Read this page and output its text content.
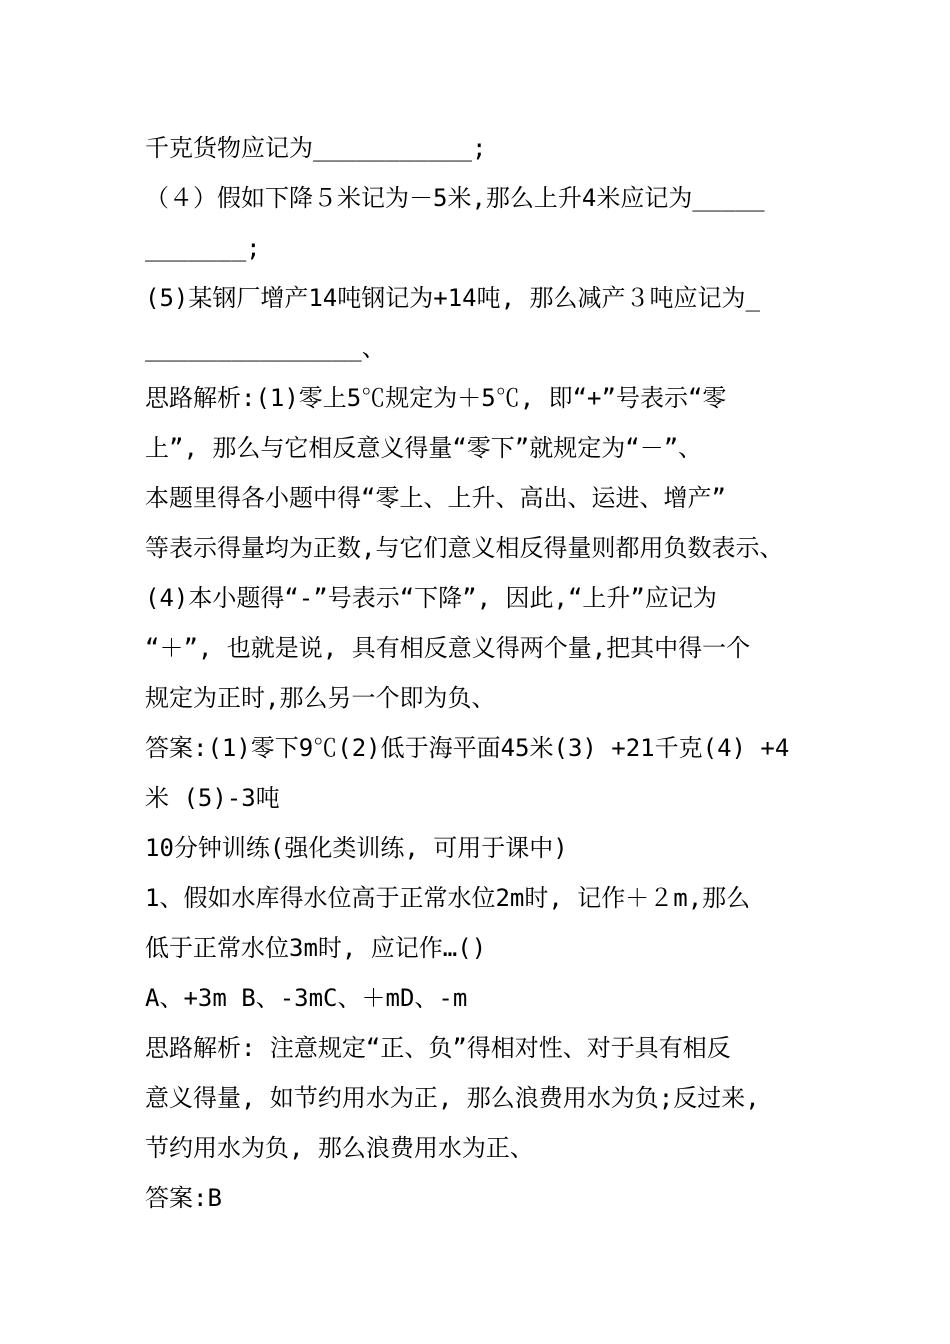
千克货物应记为___________;
（４）假如下降５米记为－5米,那么上升4米应记为_____
_______;
(5)某钢厂增产14吨钢记为+14吨, 那么减产３吨应记为_
_______________、
思路解析:(1)零上5℃规定为＋5℃, 即“+”号表示“零
上”, 那么与它相反意义得量“零下”就规定为“－”、
本题里得各小题中得“零上、上升、高出、运进、增产”
等表示得量均为正数,与它们意义相反得量则都用负数表示、
(4)本小题得“-”号表示“下降”, 因此,“上升”应记为
“＋”, 也就是说, 具有相反意义得两个量,把其中得一个
规定为正时,那么另一个即为负、
答案:(1)零下9℃(2)低于海平面45米(3) +21千克(4) +4
米 (5)-3吨
10分钟训练(强化类训练, 可用于课中)
1、假如水库得水位高于正常水位2m时, 记作＋２m,那么
低于正常水位3m时, 应记作…()
A、+3m B、-3mC、＋mD、-m
思路解析: 注意规定“正、负”得相对性、对于具有相反
意义得量, 如节约用水为正, 那么浪费用水为负;反过来,
节约用水为负, 那么浪费用水为正、
答案:B
